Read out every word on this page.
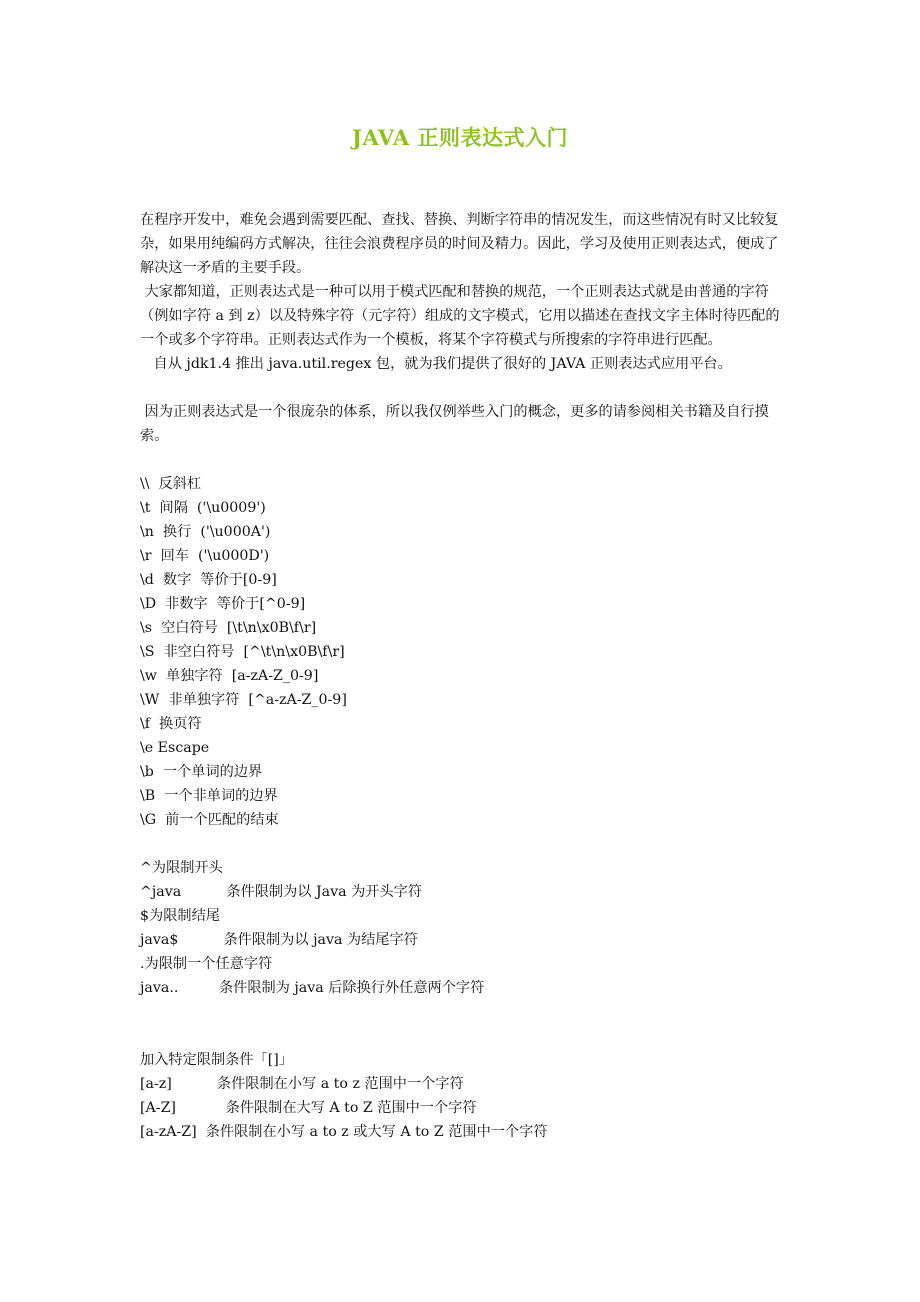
JAVA 正则表达式入门

在程序开发中，难免会遇到需要匹配、查找、替换、判断字符串的情况发生，而这些情况有时又比较复杂，如果用纯编码方式解决，往往会浪费程序员的时间及精力。因此，学习及使用正则表达式，便成了解决这一矛盾的主要手段。

大家都知道，正则表达式是一种可以用于模式匹配和替换的规范，一个正则表达式就是由普通的字符（例如字符 a 到 z）以及特殊字符（元字符）组成的文字模式，它用以描述在查找文字主体时待匹配的一个或多个字符串。正则表达式作为一个模板，将某个字符模式与所搜索的字符串进行匹配。

自从 jdk1.4 推出 java.util.regex 包，就为我们提供了很好的 JAVA 正则表达式应用平台。

因为正则表达式是一个很庞杂的体系，所以我仅例举些入门的概念，更多的请参阅相关书籍及自行摸索。

\\  反斜杠

\t  间隔  ('\u0009')

\n  换行  ('\u000A')

\r  回车  ('\u000D')

\d  数字  等价于[0-9]

\D  非数字  等价于[^0-9]

\s  空白符号  [\t\n\x0B\f\r]

\S  非空白符号  [^\t\n\x0B\f\r]

\w  单独字符  [a-zA-Z_0-9]

\W  非单独字符  [^a-zA-Z_0-9]

\f  换页符

\e Escape

\b  一个单词的边界

\B  一个非单词的边界

\G  前一个匹配的结束

^为限制开头

^java          条件限制为以 Java 为开头字符

$为限制结尾

java$          条件限制为以 java 为结尾字符

.为限制一个任意字符

java..         条件限制为 java 后除换行外任意两个字符

加入特定限制条件「[]」

[a-z]          条件限制在小写 a to z 范围中一个字符

[A-Z]           条件限制在大写 A to Z 范围中一个字符

[a-zA-Z]  条件限制在小写 a to z 或大写 A to Z 范围中一个字符
